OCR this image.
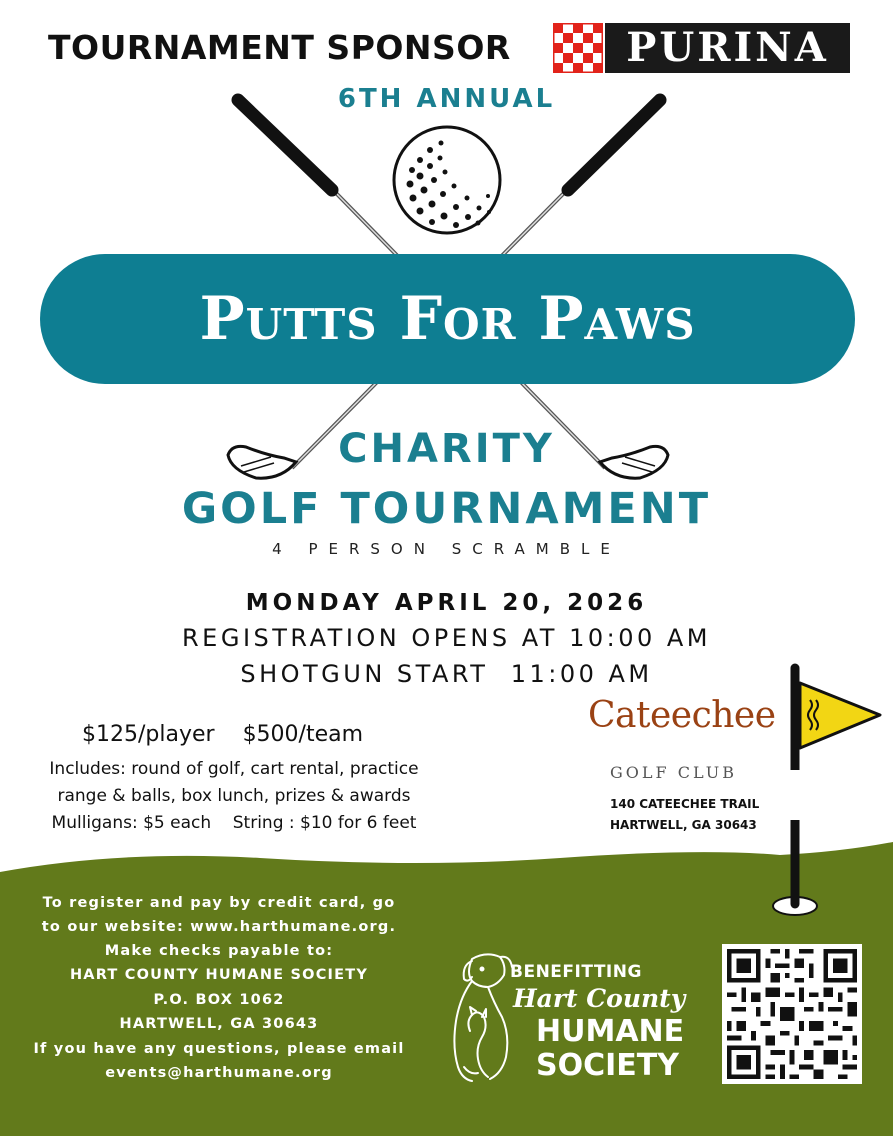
TOURNAMENT SPONSOR	PURINA
6TH ANNUAL
Putts For Paws
CHARITY
GOLF TOURNAMENT
4 PERSON SCRAMBLE
MONDAY APRIL 20, 2026
REGISTRATION OPENS AT 10:00 AM
SHOTGUN START  11:00 AM
$125/player $500/team
Includes: round of golf, cart rental, practice
range & balls, box lunch, prizes & awards
Mulligans: $5 each    String : $10 for 6 feet
Cateechee
GOLF CLUB
140 CATEECHEE TRAIL
HARTWELL, GA 30643
To register and pay by credit card, go
to our website: www.harthumane.org.
Make checks payable to:
HART COUNTY HUMANE SOCIETY
P.O. BOX 1062
HARTWELL, GA 30643
If you have any questions, please email
events@harthumane.org
BENEFITTING
Hart County
HUMANE
SOCIETY
